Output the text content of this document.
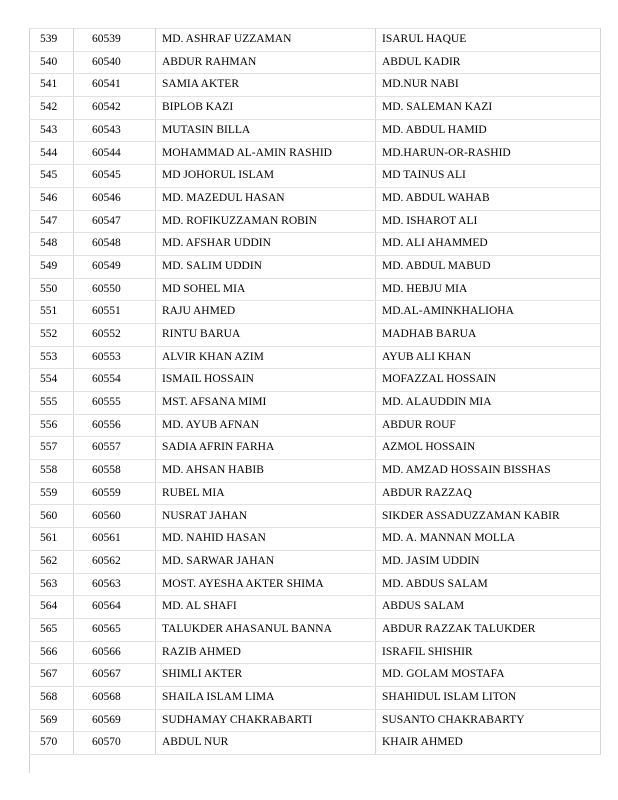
539	60539	MD. ASHRAF UZZAMAN	ISARUL HAQUE
540	60540	ABDUR RAHMAN	ABDUL KADIR
541	60541	SAMIA AKTER	MD.NUR NABI
542	60542	BIPLOB KAZI	MD. SALEMAN KAZI
543	60543	MUTASIN BILLA	MD. ABDUL HAMID
544	60544	MOHAMMAD AL-AMIN RASHID	MD.HARUN-OR-RASHID
545	60545	MD JOHORUL ISLAM	MD TAINUS ALI
546	60546	MD. MAZEDUL HASAN	MD. ABDUL WAHAB
547	60547	MD. ROFIKUZZAMAN ROBIN	MD. ISHAROT ALI
548	60548	MD. AFSHAR UDDIN	MD. ALI AHAMMED
549	60549	MD. SALIM UDDIN	MD. ABDUL MABUD
550	60550	MD SOHEL MIA	MD. HEBJU MIA
551	60551	RAJU AHMED	MD.AL-AMINKHALIOHA
552	60552	RINTU BARUA	MADHAB BARUA
553	60553	ALVIR KHAN AZIM	AYUB ALI KHAN
554	60554	ISMAIL HOSSAIN	MOFAZZAL HOSSAIN
555	60555	MST. AFSANA MIMI	MD. ALAUDDIN MIA
556	60556	MD. AYUB AFNAN	ABDUR ROUF
557	60557	SADIA AFRIN FARHA	AZMOL HOSSAIN
558	60558	MD. AHSAN HABIB	MD. AMZAD HOSSAIN BISSHAS
559	60559	RUBEL MIA	ABDUR RAZZAQ
560	60560	NUSRAT JAHAN	SIKDER ASSADUZZAMAN KABIR
561	60561	MD. NAHID HASAN	MD. A. MANNAN MOLLA
562	60562	MD. SARWAR JAHAN	MD. JASIM UDDIN
563	60563	MOST. AYESHA AKTER SHIMA	MD. ABDUS SALAM
564	60564	MD. AL SHAFI	ABDUS SALAM
565	60565	TALUKDER AHASANUL BANNA	ABDUR RAZZAK TALUKDER
566	60566	RAZIB AHMED	ISRAFIL SHISHIR
567	60567	SHIMLI AKTER	MD. GOLAM MOSTAFA
568	60568	SHAILA ISLAM LIMA	SHAHIDUL ISLAM LITON
569	60569	SUDHAMAY CHAKRABARTI	SUSANTO CHAKRABARTY
570	60570	ABDUL NUR	KHAIR AHMED
